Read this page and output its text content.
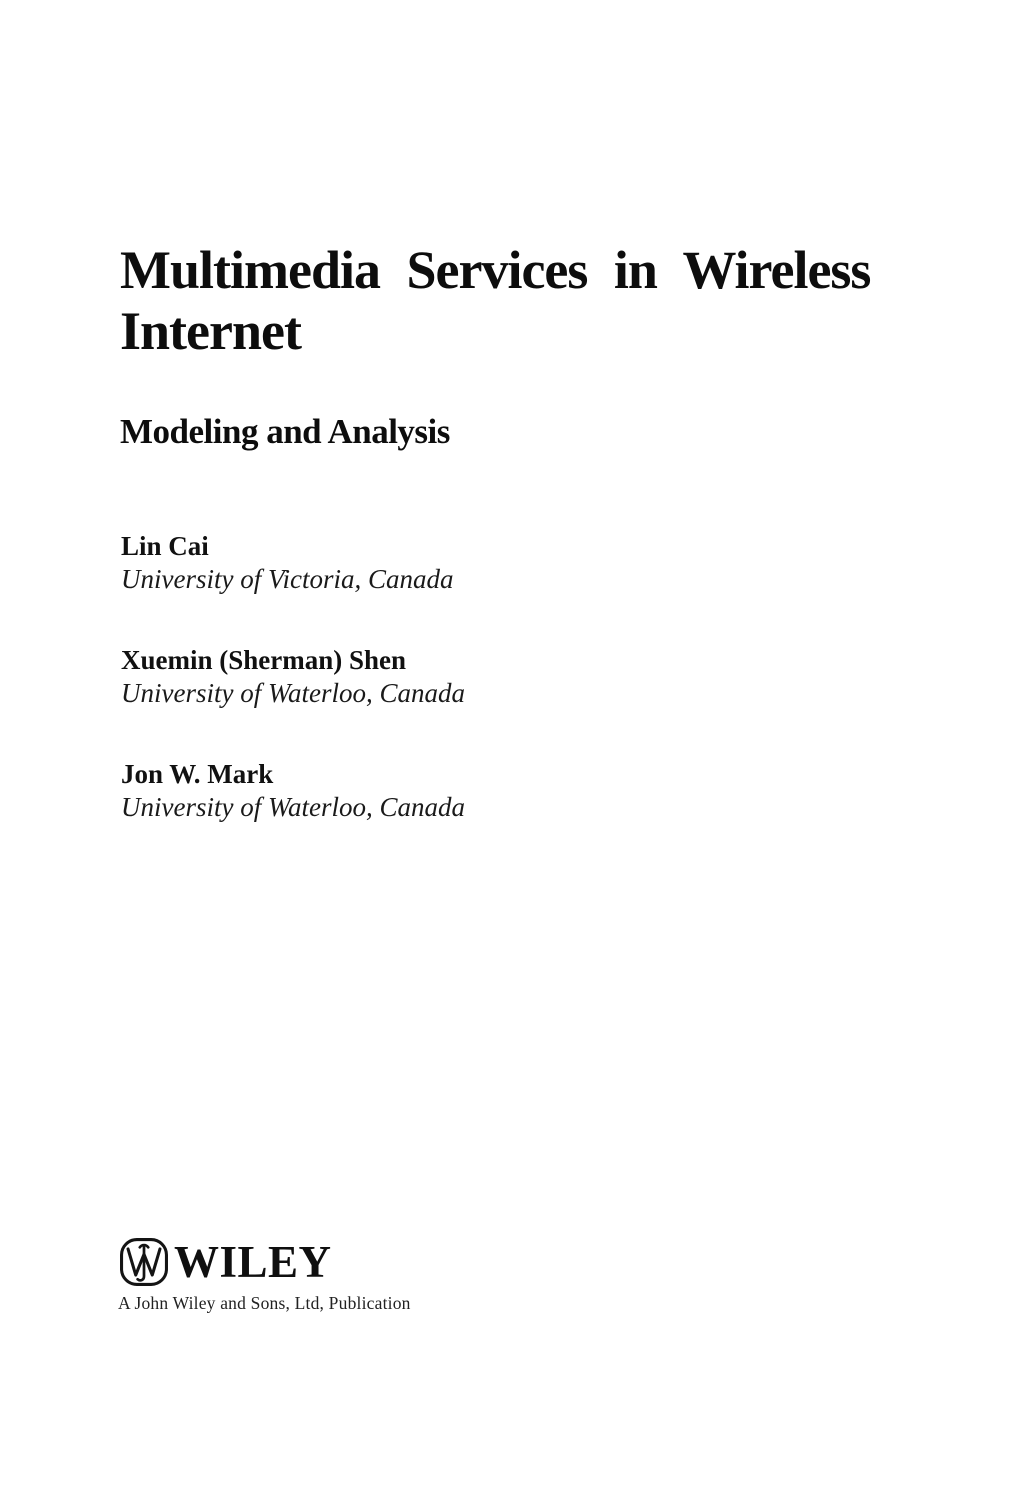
Multimedia Services in Wireless
Internet
Modeling and Analysis
Lin Cai
University of Victoria, Canada
Xuemin (Sherman) Shen
University of Waterloo, Canada
Jon W. Mark
University of Waterloo, Canada
WILEY
A John Wiley and Sons, Ltd, Publication
